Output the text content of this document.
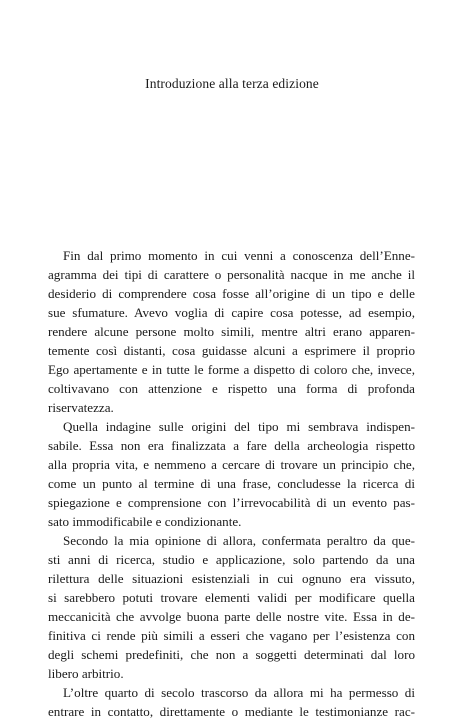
Introduzione alla terza edizione
Fin dal primo momento in cui venni a conoscenza dell’Enne-
agramma dei tipi di carattere o personalità nacque in me anche il
desiderio di comprendere cosa fosse all’origine di un tipo e delle
sue sfumature. Avevo voglia di capire cosa potesse, ad esempio,
rendere alcune persone molto simili, mentre altri erano apparen-
temente così distanti, cosa guidasse alcuni a esprimere il proprio
Ego apertamente e in tutte le forme a dispetto di coloro che, invece,
coltivavano con attenzione e rispetto una forma di profonda
riservatezza.
Quella indagine sulle origini del tipo mi sembrava indispen-
sabile. Essa non era finalizzata a fare della archeologia rispetto
alla propria vita, e nemmeno a cercare di trovare un principio che,
come un punto al termine di una frase, concludesse la ricerca di
spiegazione e comprensione con l’irrevocabilità di un evento pas-
sato immodificabile e condizionante.
Secondo la mia opinione di allora, confermata peraltro da que-
sti anni di ricerca, studio e applicazione, solo partendo da una
rilettura delle situazioni esistenziali in cui ognuno era vissuto,
si sarebbero potuti trovare elementi validi per modificare quella
meccanicità che avvolge buona parte delle nostre vite. Essa in de-
finitiva ci rende più simili a esseri che vagano per l’esistenza con
degli schemi predefiniti, che non a soggetti determinati dal loro
libero arbitrio.
L’oltre quarto di secolo trascorso da allora mi ha permesso di
entrare in contatto, direttamente o mediante le testimonianze rac-
